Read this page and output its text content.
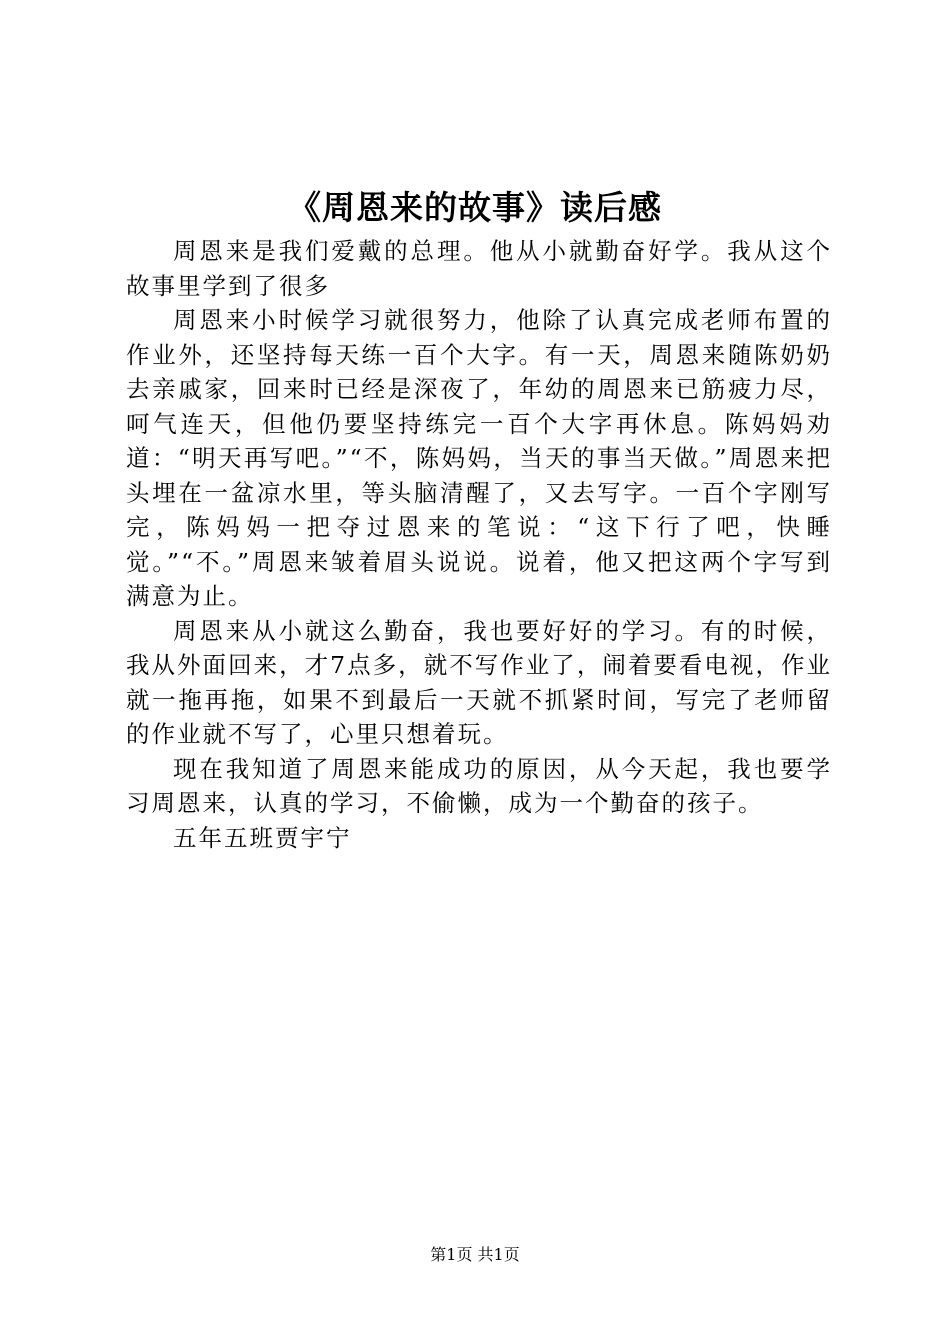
《周恩来的故事》读后感

周恩来是我们爱戴的总理。他从小就勤奋好学。我从这个故事里学到了很多

周恩来小时候学习就很努力，他除了认真完成老师布置的作业外，还坚持每天练一百个大字。有一天，周恩来随陈奶奶去亲戚家，回来时已经是深夜了，年幼的周恩来已筋疲力尽，呵气连天，但他仍要坚持练完一百个大字再休息。陈妈妈劝道：“明天再写吧。”“不，陈妈妈，当天的事当天做。”周恩来把头埋在一盆凉水里，等头脑清醒了，又去写字。一百个字刚写完，陈妈妈一把夺过恩来的笔说：“这下行了吧，快睡觉。”“不。”周恩来皱着眉头说说。说着，他又把这两个字写到满意为止。

周恩来从小就这么勤奋，我也要好好的学习。有的时候，我从外面回来，才7点多，就不写作业了，闹着要看电视，作业就一拖再拖，如果不到最后一天就不抓紧时间，写完了老师留的作业就不写了，心里只想着玩。

现在我知道了周恩来能成功的原因，从今天起，我也要学习周恩来，认真的学习，不偷懒，成为一个勤奋的孩子。

五年五班贾宇宁

第1页 共1页
